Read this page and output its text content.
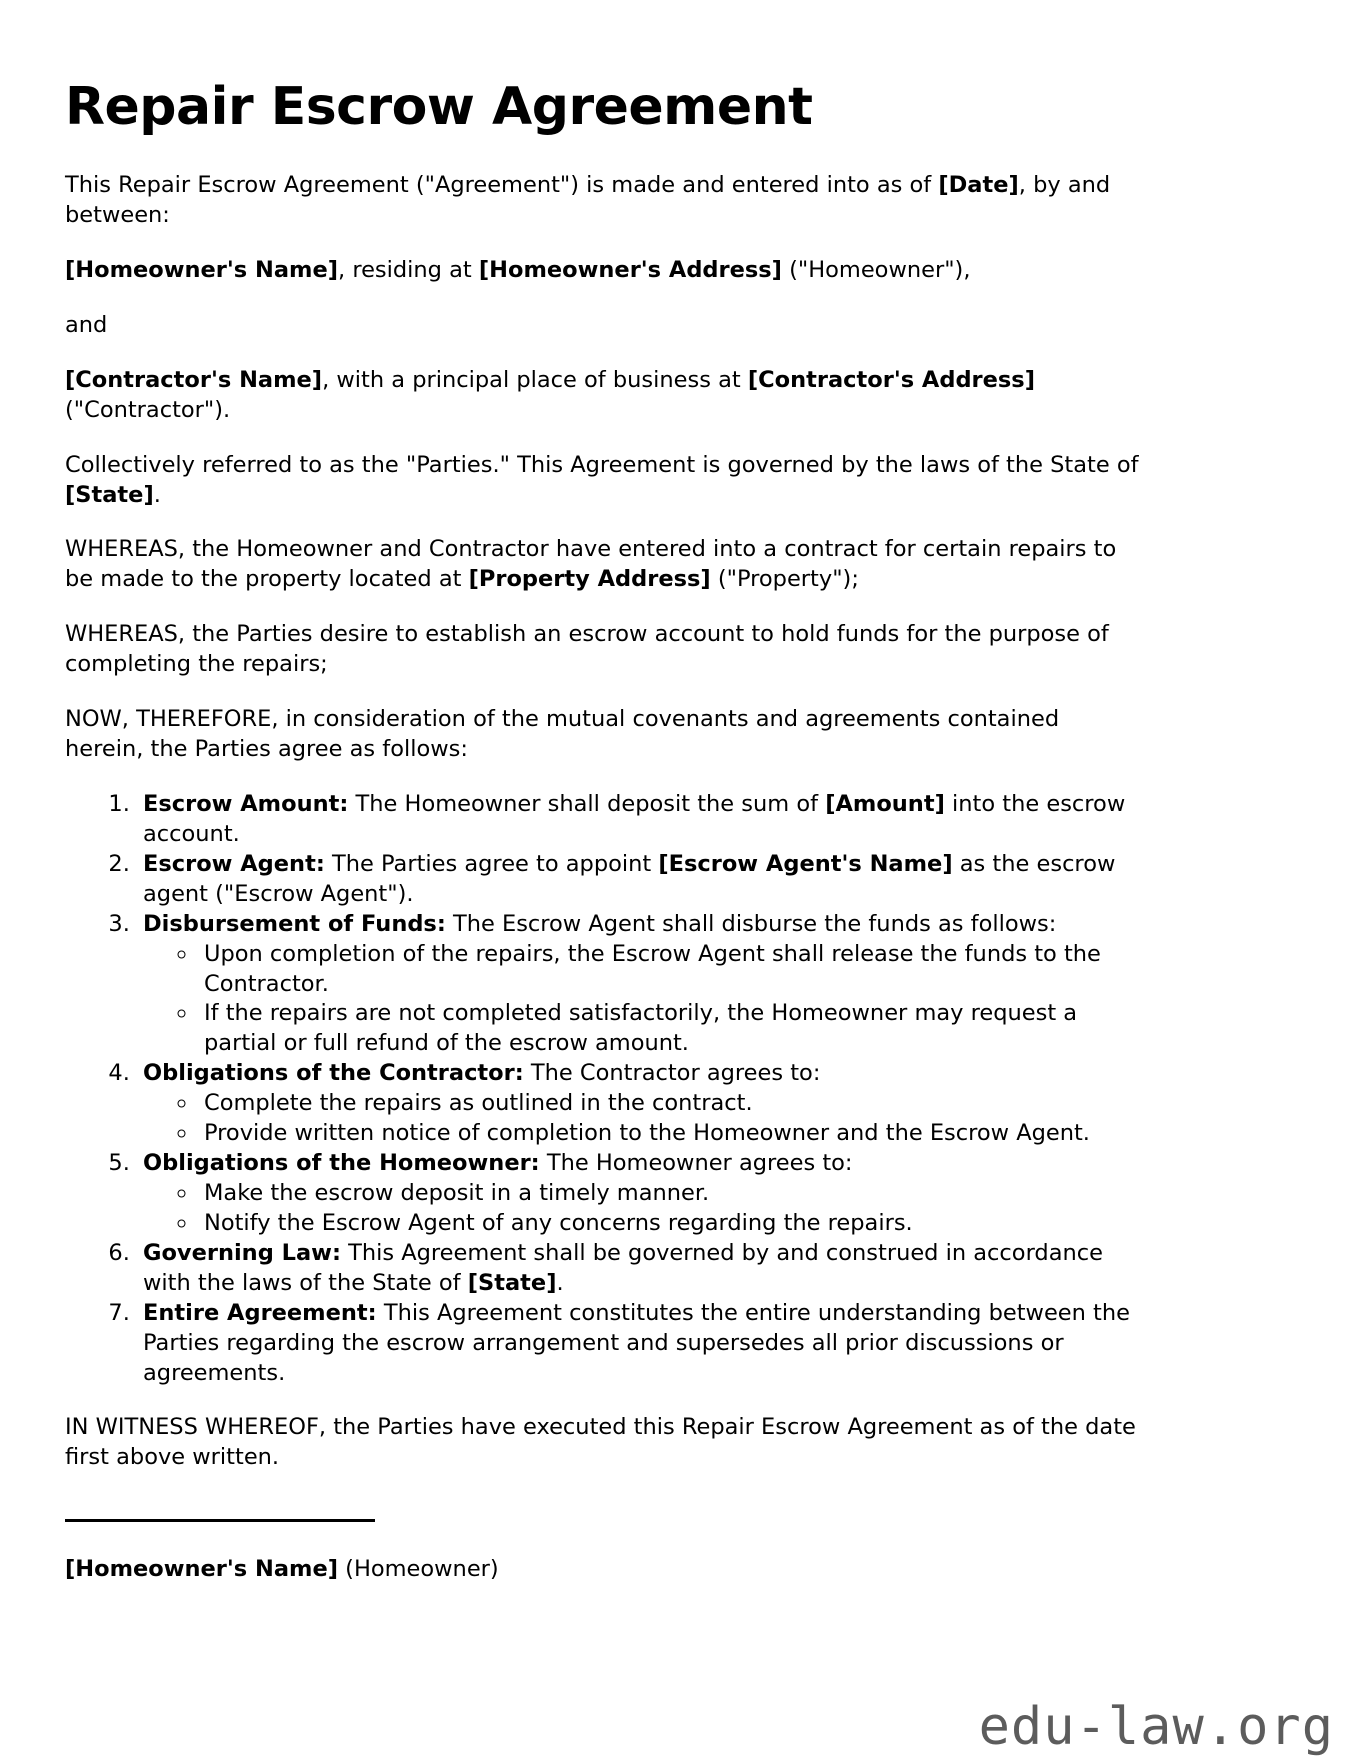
Repair Escrow Agreement

This Repair Escrow Agreement ("Agreement") is made and entered into as of [Date], by and between:

[Homeowner's Name], residing at [Homeowner's Address] ("Homeowner"),

and

[Contractor's Name], with a principal place of business at [Contractor's Address] ("Contractor").

Collectively referred to as the "Parties." This Agreement is governed by the laws of the State of [State].

WHEREAS, the Homeowner and Contractor have entered into a contract for certain repairs to be made to the property located at [Property Address] ("Property");

WHEREAS, the Parties desire to establish an escrow account to hold funds for the purpose of completing the repairs;

NOW, THEREFORE, in consideration of the mutual covenants and agreements contained herein, the Parties agree as follows:

1. Escrow Amount: The Homeowner shall deposit the sum of [Amount] into the escrow account.
2. Escrow Agent: The Parties agree to appoint [Escrow Agent's Name] as the escrow agent ("Escrow Agent").
3. Disbursement of Funds: The Escrow Agent shall disburse the funds as follows:
◦ Upon completion of the repairs, the Escrow Agent shall release the funds to the Contractor.
◦ If the repairs are not completed satisfactorily, the Homeowner may request a partial or full refund of the escrow amount.
4. Obligations of the Contractor: The Contractor agrees to:
◦ Complete the repairs as outlined in the contract.
◦ Provide written notice of completion to the Homeowner and the Escrow Agent.
5. Obligations of the Homeowner: The Homeowner agrees to:
◦ Make the escrow deposit in a timely manner.
◦ Notify the Escrow Agent of any concerns regarding the repairs.
6. Governing Law: This Agreement shall be governed by and construed in accordance with the laws of the State of [State].
7. Entire Agreement: This Agreement constitutes the entire understanding between the Parties regarding the escrow arrangement and supersedes all prior discussions or agreements.

IN WITNESS WHEREOF, the Parties have executed this Repair Escrow Agreement as of the date first above written.

[Homeowner's Name] (Homeowner)

edu-law.org
